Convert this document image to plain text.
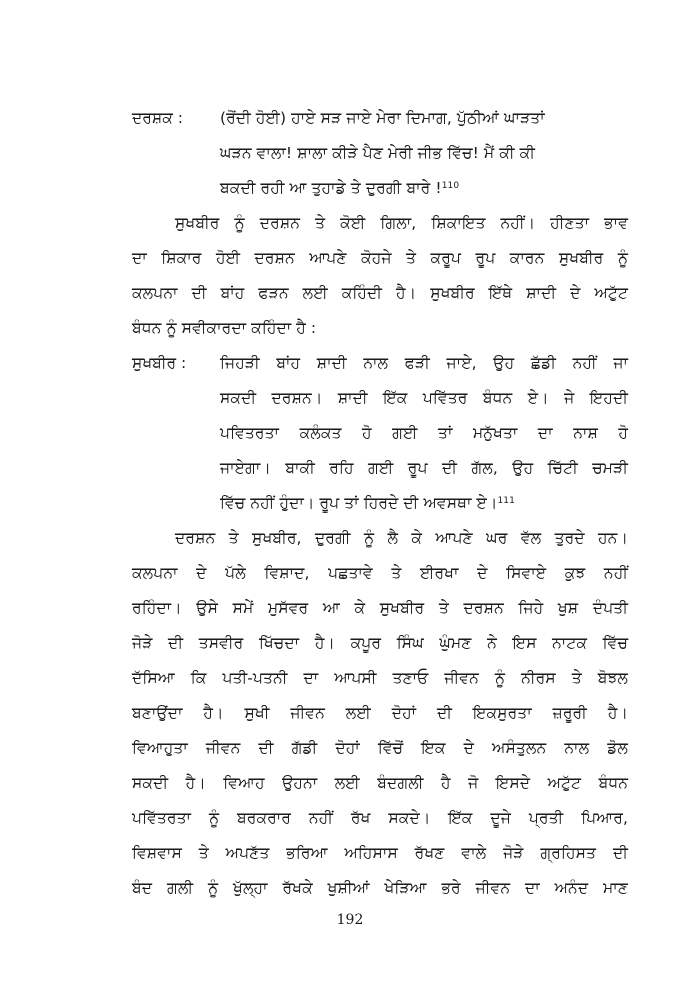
ਦਰਸ਼ਕ : (ਰੋਂਦੀ ਹੋਈ) ਹਾਏ ਸੜ ਜਾਏ ਮੇਰਾ ਦਿਮਾਗ, ਪੁੱਠੀਆਂ ਘਾੜਤਾਂ
ਘੜਨ ਵਾਲਾ! ਸ਼ਾਲਾ ਕੀੜੇ ਪੈਣ ਮੇਰੀ ਜੀਭ ਵਿੱਚ! ਮੈਂ ਕੀ ਕੀ
ਬਕਦੀ ਰਹੀ ਆ ਤੁਹਾਡੇ ਤੇ ਦੁਰਗੀ ਬਾਰੇ !$^{110}$
ਸੁਖਬੀਰ ਨੂੰ ਦਰਸ਼ਨ ਤੇ ਕੋਈ ਗਿਲਾ, ਸ਼ਿਕਾਇਤ ਨਹੀਂ। ਹੀਣਤਾ ਭਾਵ
ਦਾ ਸ਼ਿਕਾਰ ਹੋਈ ਦਰਸ਼ਨ ਆਪਣੇ ਕੋਹਜੇ ਤੇ ਕਰੂਪ ਰੂਪ ਕਾਰਨ ਸੁਖਬੀਰ ਨੂੰ
ਕਲਪਨਾ ਦੀ ਬਾਂਹ ਫੜਨ ਲਈ ਕਹਿੰਦੀ ਹੈ। ਸੁਖਬੀਰ ਇੱਥੇ ਸ਼ਾਦੀ ਦੇ ਅਟੁੱਟ
ਬੰਧਨ ਨੂੰ ਸਵੀਕਾਰਦਾ ਕਹਿੰਦਾ ਹੈ :
ਸੁਖਬੀਰ : ਜਿਹੜੀ ਬਾਂਹ ਸ਼ਾਦੀ ਨਾਲ ਫੜੀ ਜਾਏ, ਉਹ ਛੱਡੀ ਨਹੀਂ ਜਾ
ਸਕਦੀ ਦਰਸ਼ਨ। ਸ਼ਾਦੀ ਇੱਕ ਪਵਿੱਤਰ ਬੰਧਨ ਏ। ਜੇ ਇਹਦੀ
ਪਵਿਤਰਤਾ ਕਲੰਕਤ ਹੋ ਗਈ ਤਾਂ ਮਨੁੱਖਤਾ ਦਾ ਨਾਸ਼ ਹੋ
ਜਾਏਗਾ। ਬਾਕੀ ਰਹਿ ਗਈ ਰੂਪ ਦੀ ਗੱਲ, ਉਹ ਚਿੱਟੀ ਚਮੜੀ
ਵਿੱਚ ਨਹੀਂ ਹੁੰਦਾ। ਰੂਪ ਤਾਂ ਹਿਰਦੇ ਦੀ ਅਵਸਥਾ ਏ।$^{111}$
ਦਰਸ਼ਨ ਤੇ ਸੁਖਬੀਰ, ਦੁਰਗੀ ਨੂੰ ਲੈ ਕੇ ਆਪਣੇ ਘਰ ਵੱਲ ਤੁਰਦੇ ਹਨ।
ਕਲਪਨਾ ਦੇ ਪੱਲੇ ਵਿਸ਼ਾਦ, ਪਛਤਾਵੇ ਤੇ ਈਰਖਾ ਦੇ ਸਿਵਾਏ ਕੁਝ ਨਹੀਂ
ਰਹਿੰਦਾ। ਉਸੇ ਸਮੇਂ ਮੁਸੱਵਰ ਆ ਕੇ ਸੁਖਬੀਰ ਤੇ ਦਰਸ਼ਨ ਜਿਹੇ ਖੁਸ਼ ਦੰਪਤੀ
ਜੋੜੇ ਦੀ ਤਸਵੀਰ ਖਿੱਚਦਾ ਹੈ। ਕਪੂਰ ਸਿੰਘ ਘੁੰਮਣ ਨੇ ਇਸ ਨਾਟਕ ਵਿੱਚ
ਦੱਸਿਆ ਕਿ ਪਤੀ-ਪਤਨੀ ਦਾ ਆਪਸੀ ਤਣਾਓ ਜੀਵਨ ਨੂੰ ਨੀਰਸ ਤੇ ਬੋਝਲ
ਬਣਾਉਂਦਾ ਹੈ। ਸੁਖੀ ਜੀਵਨ ਲਈ ਦੋਹਾਂ ਦੀ ਇਕਸੁਰਤਾ ਜ਼ਰੂਰੀ ਹੈ।
ਵਿਆਹੁਤਾ ਜੀਵਨ ਦੀ ਗੱਡੀ ਦੋਹਾਂ ਵਿੱਚੋਂ ਇਕ ਦੇ ਅਸੰਤੁਲਨ ਨਾਲ ਡੋਲ
ਸਕਦੀ ਹੈ। ਵਿਆਹ ਉਹਨਾ ਲਈ ਬੰਦਗਲੀ ਹੈ ਜੋ ਇਸਦੇ ਅਟੁੱਟ ਬੰਧਨ
ਪਵਿੱਤਰਤਾ ਨੂੰ ਬਰਕਰਾਰ ਨਹੀਂ ਰੱਖ ਸਕਦੇ। ਇੱਕ ਦੂਜੇ ਪ੍ਰਤੀ ਪਿਆਰ,
ਵਿਸ਼ਵਾਸ ਤੇ ਅਪਣੱਤ ਭਰਿਆ ਅਹਿਸਾਸ ਰੱਖਣ ਵਾਲੇ ਜੋੜੇ ਗ੍ਰਹਿਸਤ ਦੀ
ਬੰਦ ਗਲੀ ਨੂੰ ਖੁੱਲ੍ਹਾ ਰੱਖਕੇ ਖੁਸ਼ੀਆਂ ਖੇੜਿਆ ਭਰੇ ਜੀਵਨ ਦਾ ਅਨੰਦ ਮਾਣ
192
